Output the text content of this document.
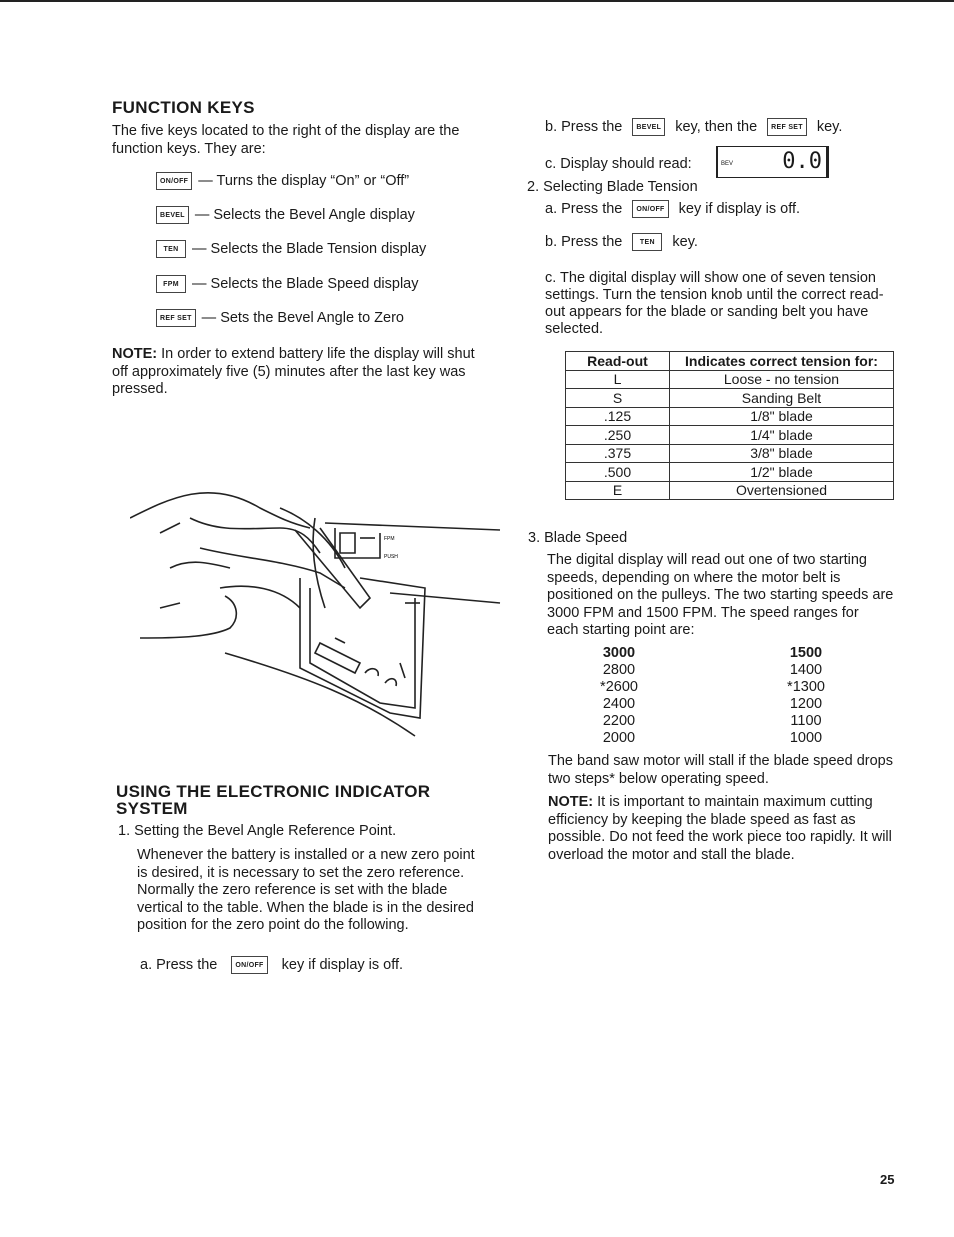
FUNCTION KEYS
The five keys located to the right of the display are the function keys. They are:
ON/OFF — Turns the display “On” or “Off”
BEVEL — Selects the Bevel Angle display
TEN — Selects the Blade Tension display
FPM — Selects the Blade Speed display
REF SET — Sets the Bevel Angle to Zero
NOTE: In order to extend battery life the display will shut off approximately five (5) minutes after the last key was pressed.
FPM
PUSH
USING THE ELECTRONIC INDICATOR SYSTEM
1. Setting the Bevel Angle Reference Point.
Whenever the battery is installed or a new zero point is desired, it is necessary to set the zero reference. Normally the zero reference is set with the blade vertical to the table. When the blade is in the desired position for the zero point do the following.
a. Press the	ON/OFF key if display is off.
b. Press the	BEVEL key, then the	REF SET key.
c. Display should read:	BEV 0.0
2. Selecting Blade Tension
a. Press the	ON/OFF key if display is off.
b. Press the	TEN	key.
c. The digital display will show one of seven tension settings. Turn the tension knob until the correct read-out appears for the blade or sanding belt you have selected.
Read-out	Indicates correct tension for:
L	Loose - no tension
S	Sanding Belt
.125	1/8" blade
.250	1/4" blade
.375	3/8" blade
.500	1/2" blade
E	Overtensioned
3. Blade Speed
The digital display will read out one of two starting speeds, depending on where the motor belt is positioned on the pulleys. The two starting speeds are 3000 FPM and 1500 FPM. The speed ranges for each starting point are:
3000	1500
2800	1400
*2600	*1300
2400	1200
2200	1100
2000	1000
The band saw motor will stall if the blade speed drops two steps* below operating speed.
NOTE: It is important to maintain maximum cutting efficiency by keeping the blade speed as fast as possible. Do not feed the work piece too rapidly. It will overload the motor and stall the blade.
25
